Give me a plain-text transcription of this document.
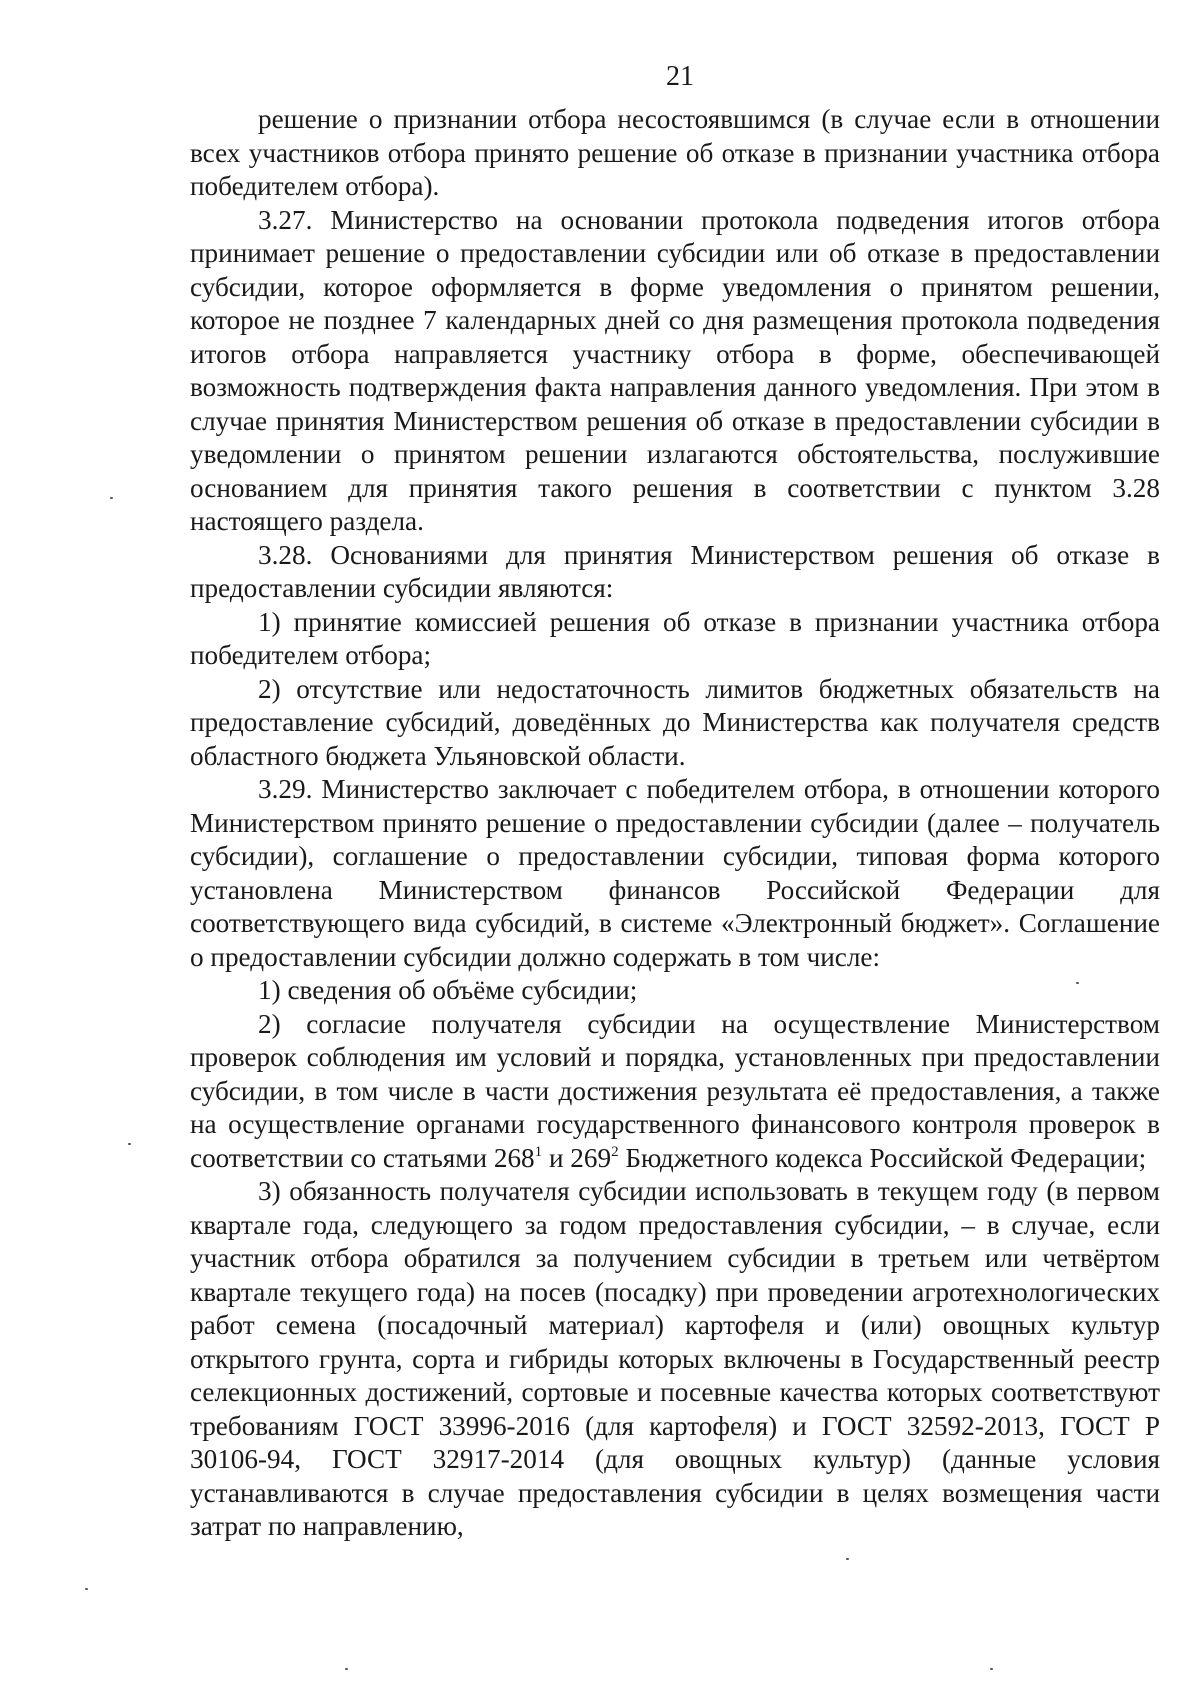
21

решение о признании отбора несостоявшимся (в случае если в отношении всех участников отбора принято решение об отказе в признании участника отбора победителем отбора).

3.27. Министерство на основании протокола подведения итогов отбора принимает решение о предоставлении субсидии или об отказе в предоставлении субсидии, которое оформляется в форме уведомления о принятом решении, которое не позднее 7 календарных дней со дня размещения протокола подведения итогов отбора направляется участнику отбора в форме, обеспечивающей возможность подтверждения факта направления данного уведомления. При этом в случае принятия Министерством решения об отказе в предоставлении субсидии в уведомлении о принятом решении излагаются обстоятельства, послужившие основанием для принятия такого решения в соответствии с пунктом 3.28 настоящего раздела.

3.28. Основаниями для принятия Министерством решения об отказе в предоставлении субсидии являются:

1) принятие комиссией решения об отказе в признании участника отбора победителем отбора;

2) отсутствие или недостаточность лимитов бюджетных обязательств на предоставление субсидий, доведённых до Министерства как получателя средств областного бюджета Ульяновской области.

3.29. Министерство заключает с победителем отбора, в отношении которого Министерством принято решение о предоставлении субсидии (далее – получатель субсидии), соглашение о предоставлении субсидии, типовая форма которого установлена Министерством финансов Российской Федерации для соответствующего вида субсидий, в системе «Электронный бюджет». Соглашение о предоставлении субсидии должно содержать в том числе:

1) сведения об объёме субсидии;

2) согласие получателя субсидии на осуществление Министерством проверок соблюдения им условий и порядка, установленных при предоставлении субсидии, в том числе в части достижения результата её предоставления, а также на осуществление органами государственного финансового контроля проверок в соответствии со статьями $268^1$ и $269^2$ Бюджетного кодекса Российской Федерации;

3) обязанность получателя субсидии использовать в текущем году (в первом квартале года, следующего за годом предоставления субсидии, – в случае, если участник отбора обратился за получением субсидии в третьем или четвёртом квартале текущего года) на посев (посадку) при проведении агротехнологических работ семена (посадочный материал) картофеля и (или) овощных культур открытого грунта, сорта и гибриды которых включены в Государственный реестр селекционных достижений, сортовые и посевные качества которых соответствуют требованиям ГОСТ 33996-2016 (для картофеля) и ГОСТ 32592-2013, ГОСТ Р 30106-94, ГОСТ 32917-2014 (для овощных культур) (данные условия устанавливаются в случае предоставления субсидии в целях возмещения части затрат по направлению,
